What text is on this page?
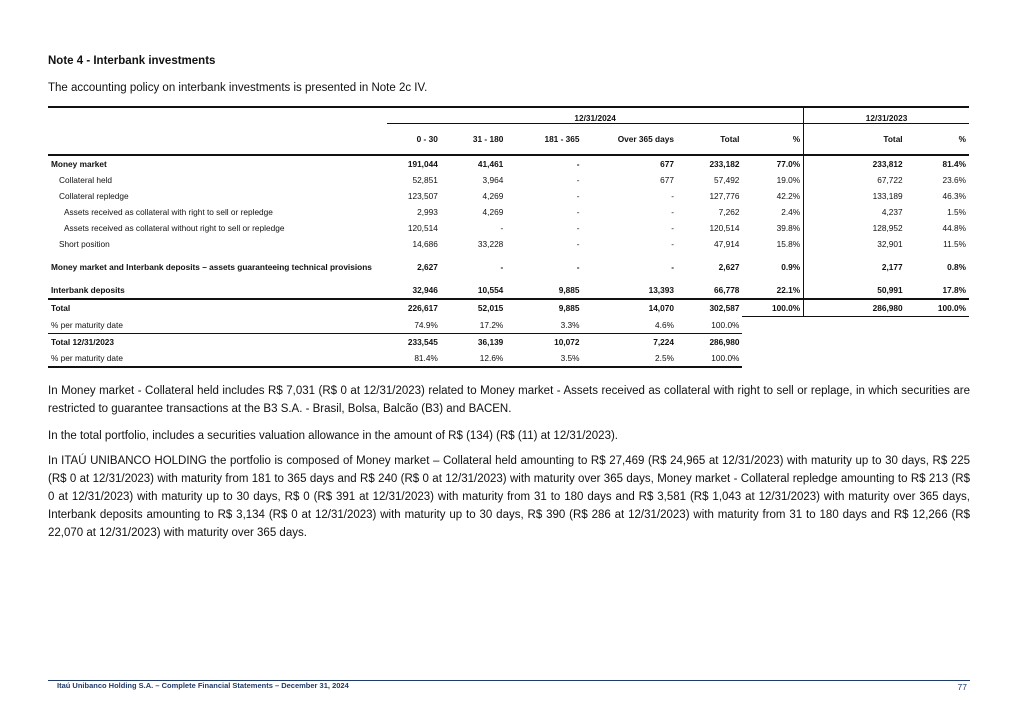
Note 4 - Interbank investments
The accounting policy on interbank investments is presented in Note 2c IV.
	12/31/2024						12/31/2023	
	0 - 30	31 - 180	181 - 365	Over 365 days	Total	%	Total	%
Money market	191,044	41,461	-	677	233,182	77.0%	233,812	81.4%
Collateral held	52,851	3,964	-	677	57,492	19.0%	67,722	23.6%
Collateral repledge	123,507	4,269	-	-	127,776	42.2%	133,189	46.3%
Assets received as collateral with right to sell or repledge	2,993	4,269	-	-	7,262	2.4%	4,237	1.5%
Assets received as collateral without right to sell or repledge	120,514	-	-	-	120,514	39.8%	128,952	44.8%
Short position	14,686	33,228	-	-	47,914	15.8%	32,901	11.5%
Money market and Interbank deposits – assets guaranteeing technical provisions	2,627	-	-	-	2,627	0.9%	2,177	0.8%
Interbank deposits	32,946	10,554	9,885	13,393	66,778	22.1%	50,991	17.8%
Total	226,617	52,015	9,885	14,070	302,587	100.0%	286,980	100.0%
% per maturity date	74.9%	17.2%	3.3%	4.6%	100.0%			
Total 12/31/2023	233,545	36,139	10,072	7,224	286,980			
% per maturity date	81.4%	12.6%	3.5%	2.5%	100.0%			

In Money market - Collateral held includes R$ 7,031 (R$ 0 at 12/31/2023) related to Money market - Assets received as collateral with right to sell or replage, in which securities are restricted to guarantee transactions at the B3 S.A. - Brasil, Bolsa, Balcão (B3) and BACEN.

In the total portfolio, includes a securities valuation allowance in the amount of R$ (134) (R$ (11) at 12/31/2023).

In ITAÚ UNIBANCO HOLDING the portfolio is composed of Money market – Collateral held amounting to R$ 27,469 (R$ 24,965 at 12/31/2023) with maturity up to 30 days, R$ 225 (R$ 0 at 12/31/2023) with maturity from 181 to 365 days and R$ 240 (R$ 0 at 12/31/2023) with maturity over 365 days, Money market - Collateral repledge amounting to R$ 213 (R$ 0 at 12/31/2023) with maturity up to 30 days, R$ 0 (R$ 391 at 12/31/2023) with maturity from 31 to 180 days and R$ 3,581 (R$ 1,043 at 12/31/2023) with maturity over 365 days, Interbank deposits amounting to R$ 3,134 (R$ 0 at 12/31/2023) with maturity up to 30 days, R$ 390 (R$ 286 at 12/31/2023) with maturity from 31 to 180 days and R$ 12,266 (R$ 22,070 at 12/31/2023) with maturity over 365 days.

Itaú Unibanco Holding S.A. – Complete Financial Statements – December 31, 2024	77
